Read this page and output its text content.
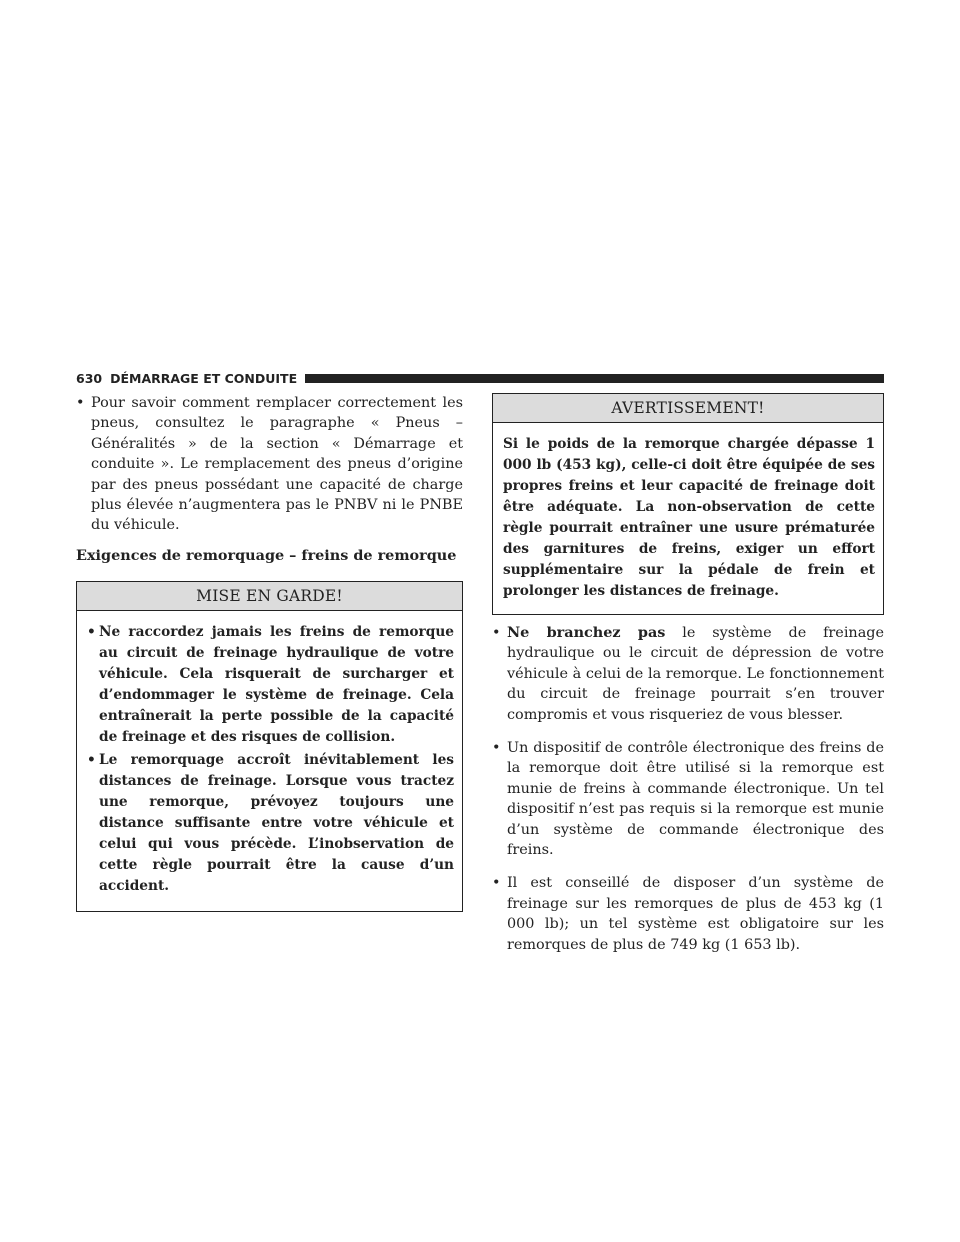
630 DÉMARRAGE ET CONDUITE
• Pour savoir comment remplacer correctement les pneus, consultez le paragraphe « Pneus – Généralités » de la section « Démarrage et conduite ». Le remplacement des pneus d’origine par des pneus possédant une capacité de charge plus élevée n’augmentera pas le PNBV ni le PNBE du véhicule.
Exigences de remorquage – freins de remorque
MISE EN GARDE!
• Ne raccordez jamais les freins de remorque au circuit de freinage hydraulique de votre véhicule. Cela risquerait de surcharger et d’endommager le système de freinage. Cela entraînerait la perte possible de la capacité de freinage et des risques de collision.
• Le remorquage accroît inévitablement les distances de freinage. Lorsque vous tractez une remorque, prévoyez toujours une distance suffisante entre votre véhicule et celui qui vous précède. L’inobservation de cette règle pourrait être la cause d’un accident.
AVERTISSEMENT!

Si le poids de la remorque chargée dépasse 1 000 lb (453 kg), celle-ci doit être équipée de ses propres freins et leur capacité de freinage doit être adéquate. La non-observation de cette règle pourrait entraîner une usure prématurée des garnitures de freins, exiger un effort supplémentaire sur la pédale de frein et prolonger les distances de freinage.

• Ne branchez pas le système de freinage hydraulique ou le circuit de dépression de votre véhicule à celui de la remorque. Le fonctionnement du circuit de freinage pourrait s’en trouver compromis et vous risqueriez de vous blesser.
• Un dispositif de contrôle électronique des freins de la remorque doit être utilisé si la remorque est munie de freins à commande électronique. Un tel dispositif n’est pas requis si la remorque est munie d’un système de commande électronique des freins.
• Il est conseillé de disposer d’un système de freinage sur les remorques de plus de 453 kg (1 000 lb); un tel système est obligatoire sur les remorques de plus de 749 kg (1 653 lb).
